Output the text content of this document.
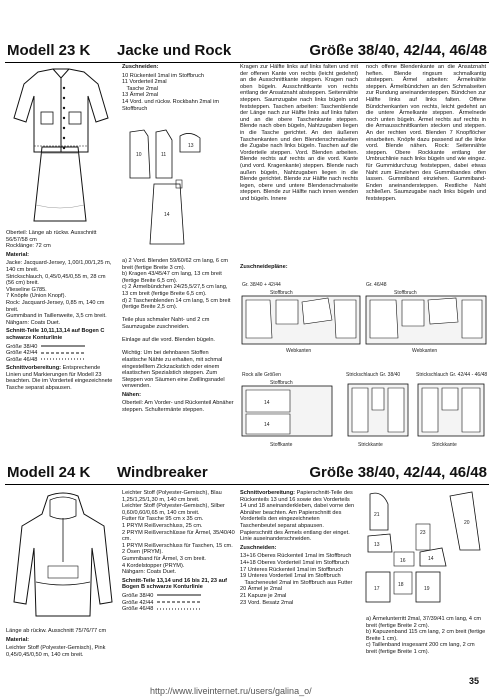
Modell 23 K Jacke und Rock	Größe 38/40, 42/44, 46/48

Oberteil: Länge ab rückw. Ausschnitt 56/57/58 cm
Rocklänge: 72 cm

Material:

Jacke: Jacquard-Jersey, 1,00/1,00/1,25 m, 140 cm breit.
Strickschlauch, 0,45/0,45/0,55 m, 28 cm (56 cm) breit.
Vlieseline G785.
7 Knöpfe (Union Knopf).
Rock: Jacquard-Jersey, 0,85 m, 140 cm breit.
Gummiband in Taillenweite, 3,5 cm breit.
Nähgarn: Coats Duet.

Schnitt-Teile 10,11,13,14 auf Bogen C schwarze Konturlinie

Größe 38/40
Größe 42/44
Größe 46/48

Schnittvorbereitung: Entsprechende Linien und Markierungen für Modell 23 beachten. Die im Vorderteil eingezeichnete Tasche separat abpausen.

Zuschneiden:

10 Rückenteil 1mal im Stoffbruch

11 Vorderteil 2mal

Tasche 2mal

13 Ärmel 2mal

14 Vord. und rückw. Rockbahn 2mal im Stoffbruch

10	11
13
14

a) 2 Vord. Blenden 59/60/62 cm lang, 6 cm breit (fertige Breite 3 cm).
b) Kragen 43/45/47 cm lang, 13 cm breit (fertige Breite 6,5 cm).
c) 2 Ärmelbündchen 24/25,5/27,5 cm lang, 13 cm breit (fertige Breite 6,5 cm).
d) 2 Taschenblenden 14 cm lang, 5 cm breit (fertige Breite 2,5 cm).

Teile plus schmaler Naht- und 2 cm Saumzugabe zuschneiden.

Einlage auf die vord. Blenden bügeln.

Wichtig: Um bei dehnbaren Stoffen elastische Nähte zu erhalten, mit schmal eingestelltem Zickzackstich oder einem elastischen Spezialstich steppen. Zum Steppen von Säumen eine Zwillingsnadel verwenden.

Nähen:

Oberteil: Am Vorder- und Rückenteil Abnäher steppen. Schultermänte steppen.

Kragen zur Hälfte links auf links falten und mit der offenen Kante von rechts (leicht gedehnt) an die Ausschnittkante steppen. Kragen nach oben bügeln. Ausschnittkante von rechts entlang der Ansatznaht absteppen. Seitennähte steppen. Saumzugabe nach links bügeln und feststeppen. Taschen arbeiten: Taschenblende der Länge nach zur Hälfte links auf links falten und an die obere Taschenkante steppen. Blende nach oben bügeln, Nahtzugaben liegen in die Tasche gerichtet. An den äußeren Taschenkanten und den Blendenschmalseiten die Zugabe nach links bügeln. Taschen auf die Vorderteile steppen. Vord. Blenden arbeiten. Blende rechts auf rechts an die vord. Kante (und vord. Kragenkante) steppen. Blende nach außen bügeln, Nahtzugaben liegen in die Blende gerichtet. Blende zur Hälfte nach rechts legen, obere und untere Blendenschmalseite steppen. Blende zur Hälfte nach innen wenden und bügeln. Innere

noch offene Blendenkante an die Ansatznaht heften. Blende ringsum schmalkantig absteppen. Ärmel arbeiten: Ärmelnähte steppen. Ärmelbündchen an den Schmalseiten zur Rundung aneinandersteppen. Bündchen zur Hälfte links auf links falten. Offene Bündchenkanten von rechts, leicht gedehnt an die untere Ärmelkante steppen. Ärmelnede noch unten bügeln. Ärmel rechts auf rechts in die Armausschnittkanten stecken und steppen. An der rechten vord. Blenden 7 Knopflöcher einarbeiten. Knöpfe dazu passend auf die linke vord. Blende nähen. Rock: Seitennähte steppen. Obere Rockkante entlang der Umbruchlinie nach links bügeln und wie eingez. für Gummidurchzug feststeppen, dabei etwas Naht zum Einziehen des Gummibandes offen lassen. Gummiband einziehen. Gummiband-Enden aneinandersteppen. Restliche Naht schließen. Saumzugabe nach links bügeln und feststeppen.

Zuschneidepläne:

Gr. 38/40 + 42/44
Stoffbruch
Webkanten
Gr. 46/48
Stoffbruch
Webkanten
Rock alle Größen
Stoffbruch
14
14
Stoffkante
Strickschlauch Gr. 38/40
Strickkante
Strickschlauch Gr. 42/44 - 46/48
Strickkante
Modell 24 K Windbreaker	Größe 38/40, 42/44, 46/48

Länge ab rückw. Ausschnitt 75/76/77 cm

Material:

Leichter Stoff (Polyester-Gemisch), Pink 0,45/0,45/0,50 m, 140 cm breit.

Leichter Stoff (Polyester-Gemisch), Blau 1,25/1,25/1,30 m, 140 cm breit.
Leichter Stoff (Polyester-Gemisch), Silber 0,60/0,60/0,65 m, 140 cm breit.
Futter für Tasche 95 cm x 35 cm.
1 PRYM Reißverschluss, 25 cm.
2 PRYM Reißverschlüsse für Ärmel, 35/40/40 cm.
1 PRYM Reißverschluss für Taschen, 15 cm.
2 Ösen (PRYM).
Gummiband für Ärmel, 3 cm breit.
4 Kordelstopper (PRYM).
Nähgarn: Coats Duet.

Schnitt-Teile 13,14 und 16 bis 21, 23 auf Bogen B schwarze Konturlinie

Größe 38/40
Größe 42/44
Größe 46/48

Schnittvorbereitung: Papierschnitt-Teile des Rückenteils 13 und 16 sowie des Vorderteils 14 und 18 aneinanderkleben, dabei vorne den Abnäher beachten. Am Papierschnitt des Vorderteils den eingezeichneten Taschenbeutel separat abpausen. Papierschnitt des Ärmels entlang der einget. Linie auseinanderschneiden.

Zuschneiden:

13+16 Oberes Rückenteil 1mal im Stoffbruch

14+18 Oberes Vorderteil 1mal im Stoffbruch

17 Unteres Rückenteil 1mal im Stoffbruch

19 Unteres Vorderteil 1mal im Stoffbruch

Tascheneutel 2mal im Stoffbruch aus Futter

20 Ärmel je 2mal

21 Kapuze je 2mal

23 Vord. Besatz 2mal

21
20
23
13
16	14
17
18
19

a) Ärmelunterritt 2mal, 37/39/41 cm lang, 4 cm breit (fertige Breite 2 cm).
b) Kapuzenband 115 cm lang, 2 cm breit (fertige Breite 1 cm).
c) Taillenband insgesamt 200 cm lang, 2 cm breit (fertige Breite 1 cm).

http://www.liveinternet.ru/users/galina_o/
35
